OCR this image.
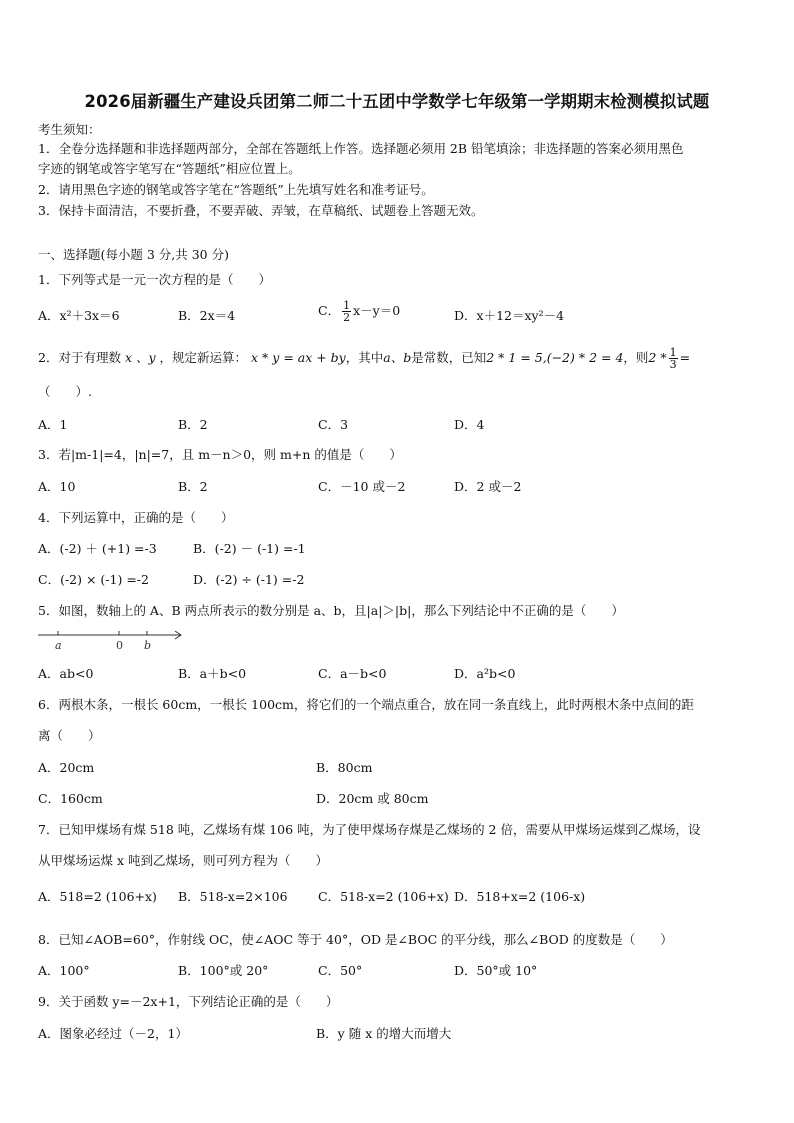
2026届新疆生产建设兵团第二师二十五团中学数学七年级第一学期期末检测模拟试题
考生须知：
1．全卷分选择题和非选择题两部分，全部在答题纸上作答。选择题必须用 2B 铅笔填涂；非选择题的答案必须用黑色
字迹的钢笔或答字笔写在“答题纸”相应位置上。
2．请用黑色字迹的钢笔或答字笔在“答题纸”上先填写姓名和准考证号。
3．保持卡面清洁，不要折叠，不要弄破、弄皱，在草稿纸、试题卷上答题无效。
一、选择题(每小题 3 分,共 30 分)
1．下列等式是一元一次方程的是（　　）
A．x²＋3x＝6	B．2x＝4	C． $\frac{1}{2} x-y=0$	D．x＋12＝xy²－4
2．对于有理数 x 、y ，规定新运算： x * y = ax + by，其中a、b是常数，已知2 * 1 = 5,(−2) * 2 = 4，则$2 * \frac{1}{3}$ =
（　　）.
A．1	B．2	C．3	D．4
3．若|m-1|=4，|n|=7，且 m－n＞0，则 m+n 的值是（　　）
A．10	B．2	C．－10 或－2	D．2 或－2
4．下列运算中，正确的是（　　）
A．(-2) ＋ (+1) =-3	B．(-2) － (-1) =-1
C．(-2) × (-1) =-2	D．(-2) ÷ (-1) =-2
5．如图，数轴上的 A、B 两点所表示的数分别是 a、b，且|a|＞|b|，那么下列结论中不正确的是（　　）
a	0 b
A．ab<0	B．a＋b<0	C．a－b<0	D．a²b<0
6．两根木条，一根长 60cm，一根长 100cm，将它们的一个端点重合，放在同一条直线上，此时两根木条中点间的距
离（　　）
A．20cm	B．80cm
C．160cm	D．20cm 或 80cm
7．已知甲煤场有煤 518 吨，乙煤场有煤 106 吨，为了使甲煤场存煤是乙煤场的 2 倍，需要从甲煤场运煤到乙煤场，设
从甲煤场运煤 x 吨到乙煤场，则可列方程为（　　）
A．518=2 (106+x) B．518-x=2×106 C．518-x=2 (106+x) D．518+x=2 (106-x)
8．已知∠AOB=60°，作射线 OC，使∠AOC 等于 40°，OD 是∠BOC 的平分线，那么∠BOD 的度数是（　　）
A．100°	B．100°或 20°	C．50°	D．50°或 10°
9．关于函数 y=－2x+1，下列结论正确的是（　　）
A．图象必经过（－2，1）	B．y 随 x 的增大而增大
